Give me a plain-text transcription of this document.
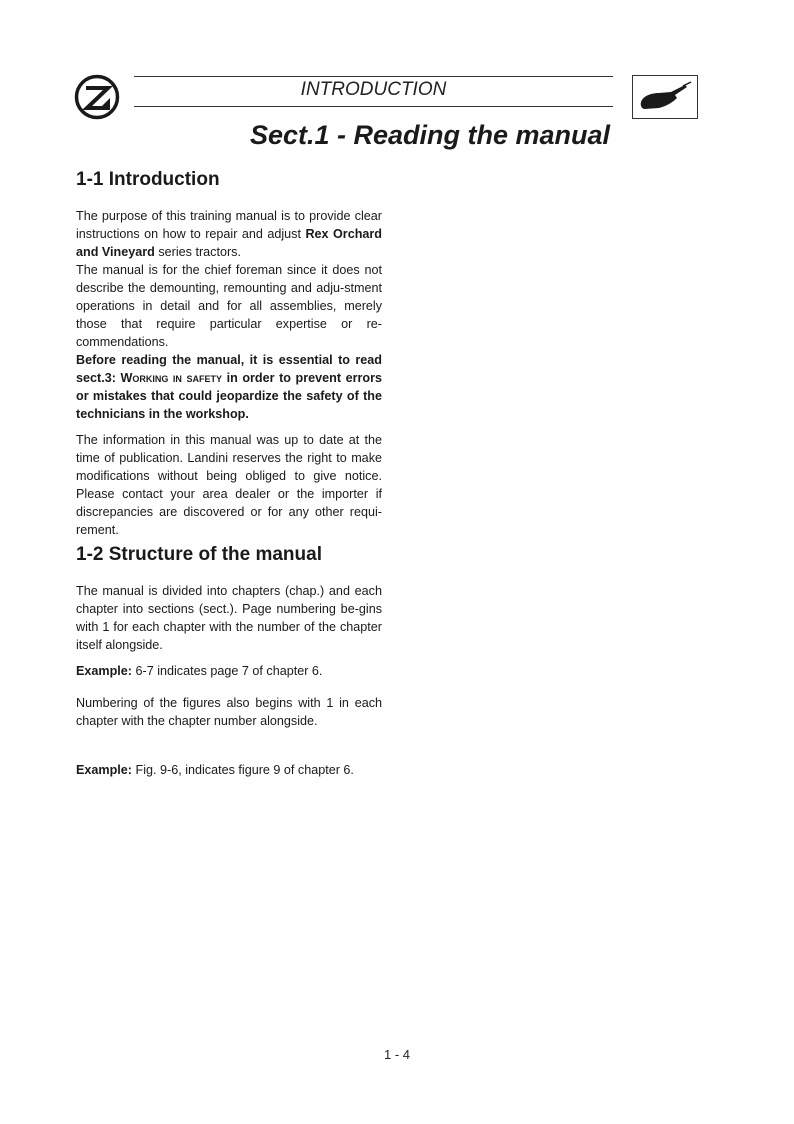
INTRODUCTION
Sect.1 - Reading the manual
1-1 Introduction

The purpose of this training manual is to provide clear instructions on how to repair and adjust Rex Orchard and Vineyard series tractors.
The manual is for the chief foreman since it does not describe the demounting, remounting and adju-stment operations in detail and for all assemblies, merely those that require particular expertise or re-commendations.

Before reading the manual, it is essential to read sect.3: Working in safety in order to prevent errors or mistakes that could jeopardize the safety of the technicians in the workshop.

The information in this manual was up to date at the time of publication. Landini reserves the right to make modifications without being obliged to give notice. Please contact your area dealer or the importer if discrepancies are discovered or for any other requi-rement.

1-2 Structure of the manual

The manual is divided into chapters (chap.) and each chapter into sections (sect.). Page numbering be-gins with 1 for each chapter with the number of the chapter itself alongside.

Example: 6-7 indicates page 7 of chapter 6.

Numbering of the figures also begins with 1 in each chapter with the chapter number alongside.

Example: Fig. 9-6, indicates figure 9 of chapter 6.

1 - 4
